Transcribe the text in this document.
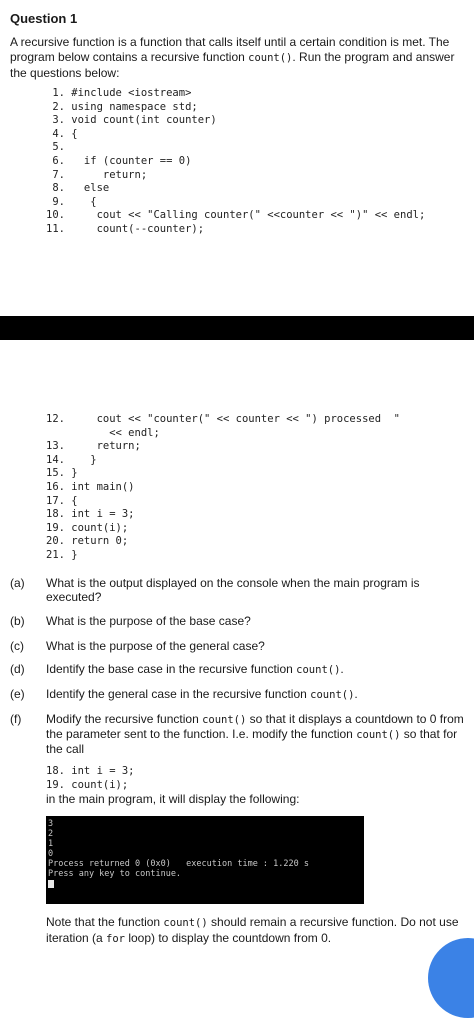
Question 1
A recursive function is a function that calls itself until a certain condition is met. The program below contains a recursive function count(). Run the program and answer the questions below:
1. #include <iostream>
2. using namespace std;
3. void count(int counter)
4. {
5.
6.   if (counter == 0)
7.      return;
8.   else
9.    {
10.     cout << "Calling counter(" <<counter << ")" << endl;
11.     count(--counter);
12.     cout << "counter(" << counter << ") processed  "
<< endl;
13.     return;
14.    }
15. }
16. int main()
17. {
18. int i = 3;
19. count(i);
20. return 0;
21. }
(a) What is the output displayed on the console when the main program is executed?
(b) What is the purpose of the base case?
(c) What is the purpose of the general case?
(d) Identify the base case in the recursive function count().
(e) Identify the general case in the recursive function count().
(f) Modify the recursive function count() so that it displays a countdown to 0 from the parameter sent to the function. I.e. modify the function count() so that for the call
18. int i = 3;
19. count(i);
in the main program, it will display the following:
3
2
1
0
Process returned 0 (0x0)   execution time : 1.220 s
Press any key to continue.

Note that the function count() should remain a recursive function. Do not use iteration (a for loop) to display the countdown from 0.
